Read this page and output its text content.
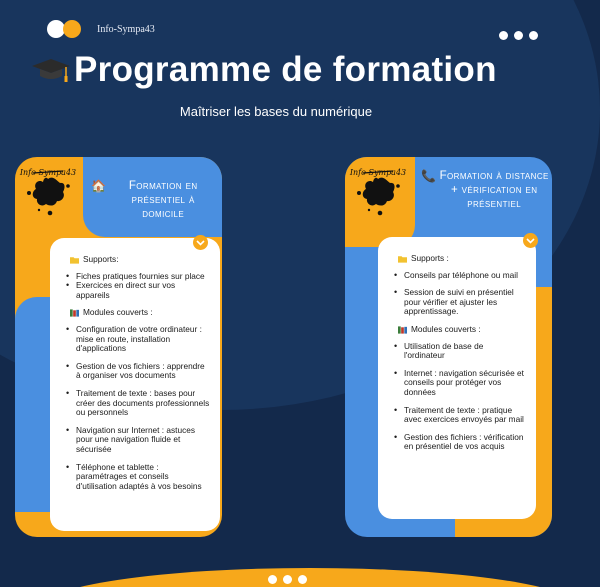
Info-Sympa43
Programme de formation

Maîtriser les bases du numérique

Info Sympa43
🏠	Formation en présentiel à domicile
Supports:
• Fiches pratiques fournies sur place
• Exercices en direct sur vos appareils
Modules couverts :
• Configuration de votre ordinateur : mise en route, installation d'applications
• Gestion de vos fichiers : apprendre à organiser vos documents
• Traitement de texte : bases pour créer des documents professionnels ou personnels
• Navigation sur Internet : astuces pour une navigation fluide et sécurisée
• Téléphone et tablette : paramétrages et conseils d'utilisation adaptés à vos besoins
Info Sympa43 📞 Formation à distance + vérification en présentiel
Supports :
• Conseils par téléphone ou mail
• Session de suivi en présentiel pour vérifier et ajuster les apprentissage.
Modules couverts :
• Utilisation de base de l'ordinateur
• Internet : navigation sécurisée et conseils pour protéger vos données
• Traitement de texte : pratique avec exercices envoyés par mail
• Gestion des fichiers : vérification en présentiel de vos acquis
